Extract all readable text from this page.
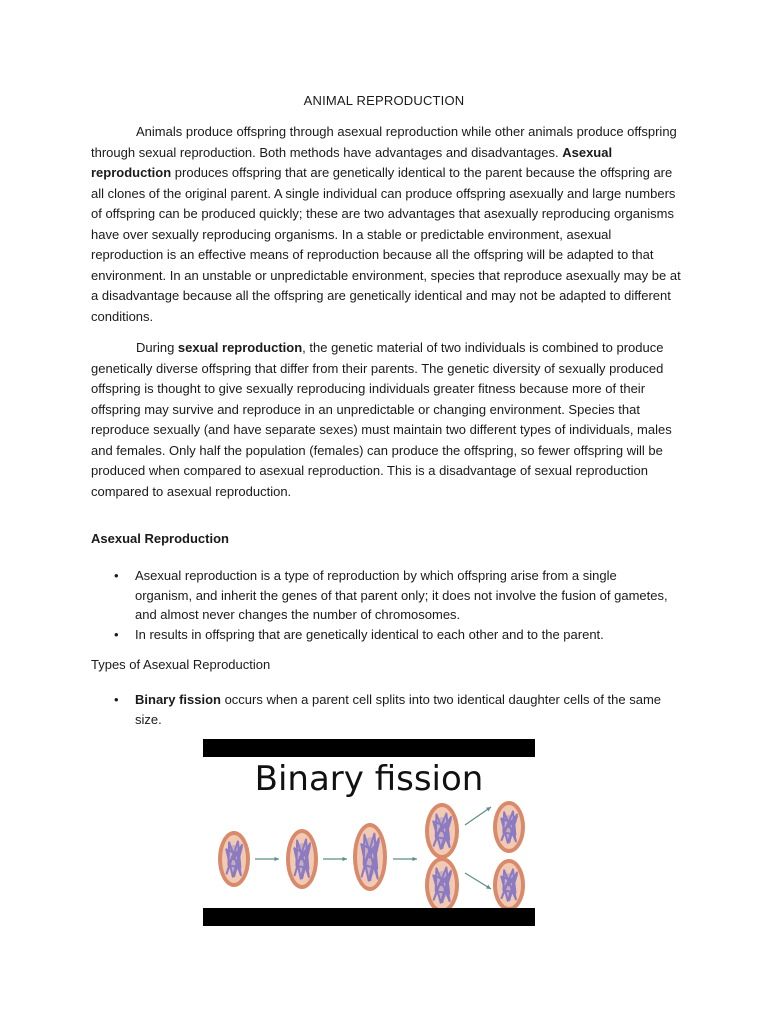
ANIMAL REPRODUCTION

Animals produce offspring through asexual reproduction while other animals produce offspring through sexual reproduction. Both methods have advantages and disadvantages. Asexual reproduction produces offspring that are genetically identical to the parent because the offspring are all clones of the original parent. A single individual can produce offspring asexually and large numbers of offspring can be produced quickly; these are two advantages that asexually reproducing organisms have over sexually reproducing organisms. In a stable or predictable environment, asexual reproduction is an effective means of reproduction because all the offspring will be adapted to that environment. In an unstable or unpredictable environment, species that reproduce asexually may be at a disadvantage because all the offspring are genetically identical and may not be adapted to different conditions.

During sexual reproduction, the genetic material of two individuals is combined to produce genetically diverse offspring that differ from their parents. The genetic diversity of sexually produced offspring is thought to give sexually reproducing individuals greater fitness because more of their offspring may survive and reproduce in an unpredictable or changing environment. Species that reproduce sexually (and have separate sexes) must maintain two different types of individuals, males and females. Only half the population (females) can produce the offspring, so fewer offspring will be produced when compared to asexual reproduction. This is a disadvantage of sexual reproduction compared to asexual reproduction.

Asexual Reproduction
• Asexual reproduction is a type of reproduction by which offspring arise from a single organism, and inherit the genes of that parent only; it does not involve the fusion of gametes, and almost never changes the number of chromosomes.
• In results in offspring that are genetically identical to each other and to the parent.
Types of Asexual Reproduction
• Binary fission occurs when a parent cell splits into two identical daughter cells of the same size.
Binary fission
